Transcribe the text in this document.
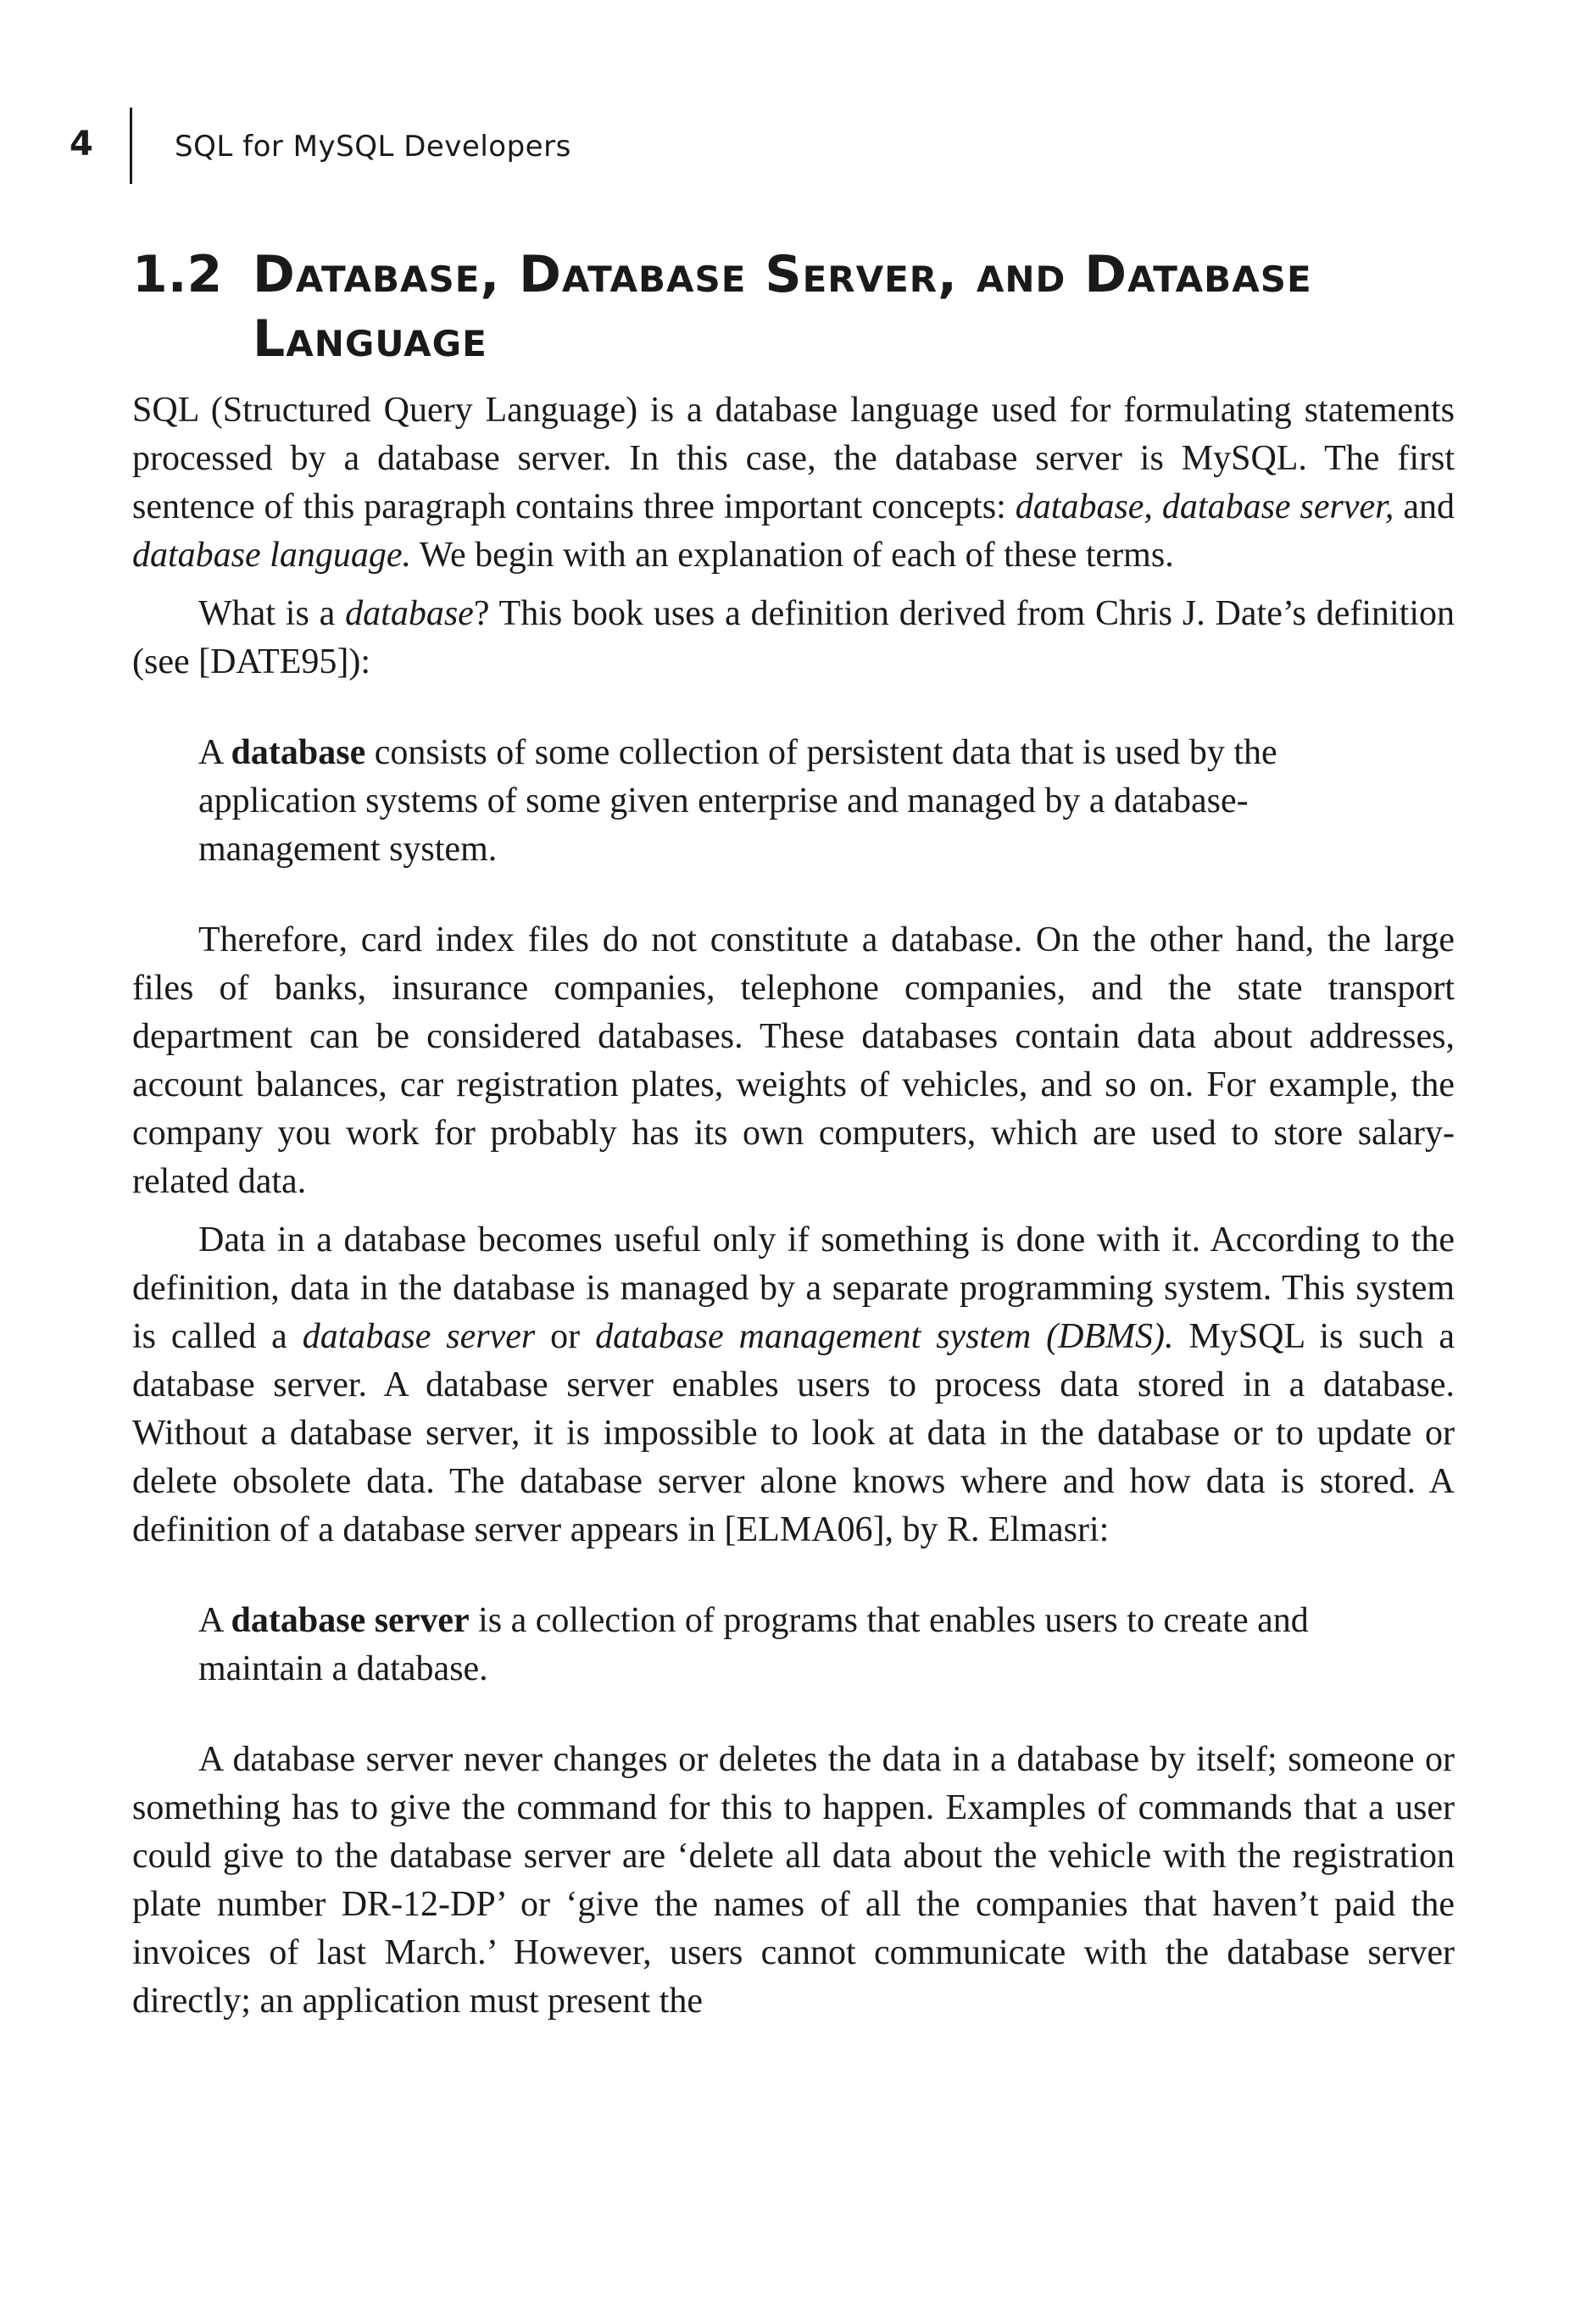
4	SQL for MySQL Developers
1.2 Database, Database Server, and Database Language

SQL (Structured Query Language) is a database language used for formulating statements processed by a database server. In this case, the database server is MySQL. The first sentence of this paragraph contains three important concepts: database, database server, and database language. We begin with an explanation of each of these terms.

What is a database? This book uses a definition derived from Chris J. Date’s definition (see [DATE95]):

A database consists of some collection of persistent data that is used by the application systems of some given enterprise and managed by a database-management system.

Therefore, card index files do not constitute a database. On the other hand, the large files of banks, insurance companies, telephone companies, and the state transport department can be considered databases. These databases contain data about addresses, account balances, car registration plates, weights of vehicles, and so on. For example, the company you work for probably has its own computers, which are used to store salary-related data.

Data in a database becomes useful only if something is done with it. According to the definition, data in the database is managed by a separate programming system. This system is called a database server or database management system (DBMS). MySQL is such a database server. A database server enables users to process data stored in a database. Without a database server, it is impossible to look at data in the database or to update or delete obsolete data. The database server alone knows where and how data is stored. A definition of a database server appears in [ELMA06], by R. Elmasri:

A database server is a collection of programs that enables users to create and maintain a database.

A database server never changes or deletes the data in a database by itself; someone or something has to give the command for this to happen. Examples of commands that a user could give to the database server are ‘delete all data about the vehicle with the registration plate number DR-12-DP’ or ‘give the names of all the companies that haven’t paid the invoices of last March.’ However, users cannot communicate with the database server directly; an application must present the
